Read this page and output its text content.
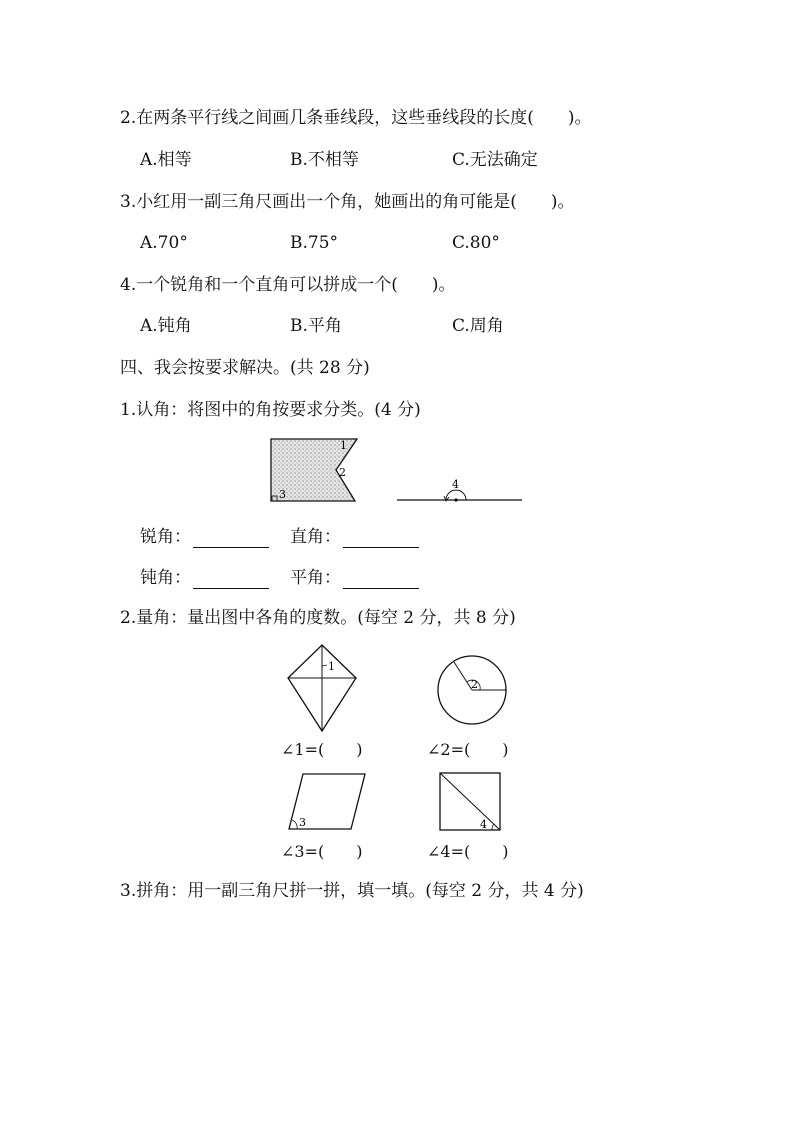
2.在两条平行线之间画几条垂线段，这些垂线段的长度(　　)。
A.相等	B.不相等	C.无法确定
3.小红用一副三角尺画出一个角，她画出的角可能是(　　)。
A.70°	B.75°	C.80°
4.一个锐角和一个直角可以拼成一个(　　)。
A.钝角	B.平角	C.周角
四、我会按要求解决。(共 28 分)
1.认角：将图中的角按要求分类。(4 分)
1
2
3
4
锐角：	直角：
钝角：	平角：
2.量角：量出图中各角的度数。(每空 2 分，共 8 分)
1
2
∠1=(　　)	∠2=(　　)
3	4
∠3=(　　)	∠4=(　　)
3.拼角：用一副三角尺拼一拼，填一填。(每空 2 分，共 4 分)
